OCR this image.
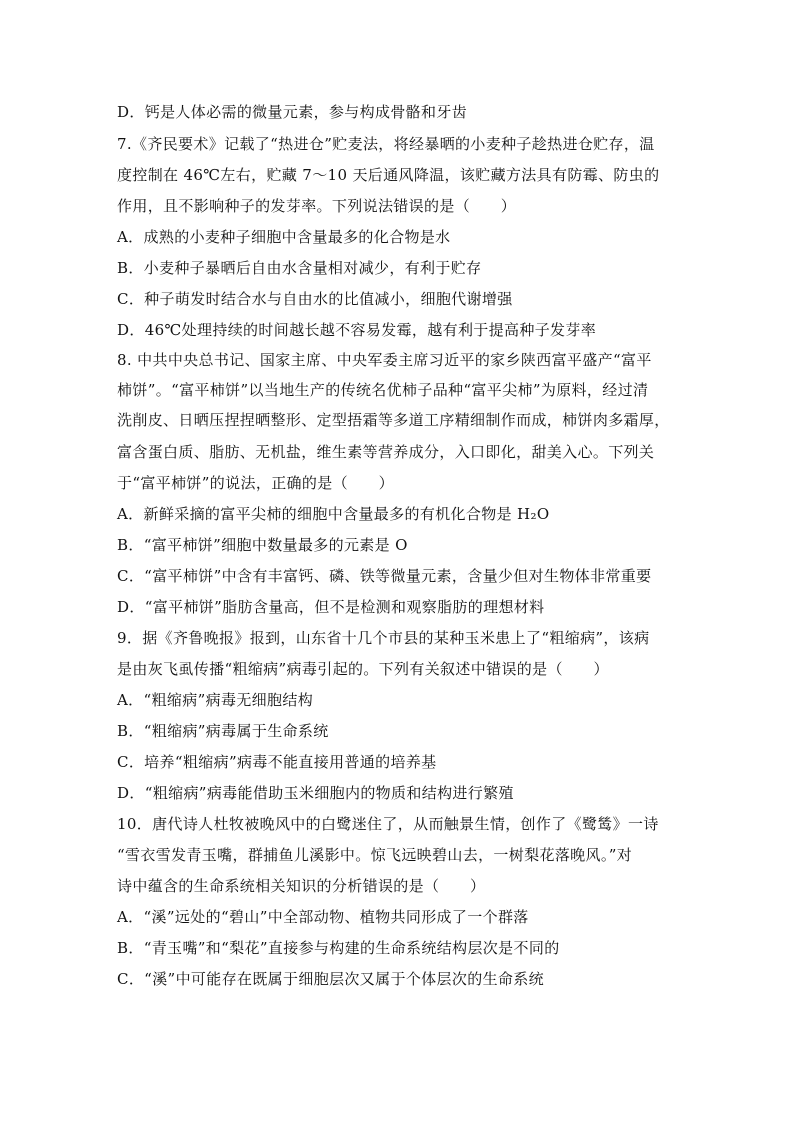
D．钙是人体必需的微量元素，参与构成骨骼和牙齿
7.《齐民要术》记载了“热进仓”贮麦法，将经暴晒的小麦种子趁热进仓贮存，温
度控制在 46℃左右，贮藏 7～10 天后通风降温，该贮藏方法具有防霉、防虫的
作用，且不影响种子的发芽率。下列说法错误的是（　　）
A．成熟的小麦种子细胞中含量最多的化合物是水
B．小麦种子暴晒后自由水含量相对减少，有利于贮存
C．种子萌发时结合水与自由水的比值减小，细胞代谢增强
D．46℃处理持续的时间越长越不容易发霉，越有利于提高种子发芽率
8. 中共中央总书记、国家主席、中央军委主席习近平的家乡陕西富平盛产“富平
柿饼”。“富平柿饼”以当地生产的传统名优柿子品种“富平尖柿”为原料，经过清
洗削皮、日晒压捏捏晒整形、定型捂霜等多道工序精细制作而成，柿饼肉多霜厚，
富含蛋白质、脂肪、无机盐，维生素等营养成分，入口即化，甜美入心。下列关
于“富平柿饼”的说法，正确的是（　　）
A．新鲜采摘的富平尖柿的细胞中含量最多的有机化合物是 H₂O
B．“富平柿饼”细胞中数量最多的元素是 O
C．“富平柿饼”中含有丰富钙、磷、铁等微量元素，含量少但对生物体非常重要
D．“富平柿饼”脂肪含量高，但不是检测和观察脂肪的理想材料
9．据《齐鲁晚报》报到，山东省十几个市县的某种玉米患上了“粗缩病”，该病
是由灰飞虱传播“粗缩病”病毒引起的。下列有关叙述中错误的是（　　）
A．“粗缩病”病毒无细胞结构
B．“粗缩病”病毒属于生命系统
C．培养“粗缩病”病毒不能直接用普通的培养基
D．“粗缩病”病毒能借助玉米细胞内的物质和结构进行繁殖
10．唐代诗人杜牧被晚风中的白鹭迷住了，从而触景生情，创作了《鹭鸶》一诗
“雪衣雪发青玉嘴，群捕鱼儿溪影中。惊飞远映碧山去，一树梨花落晚风。”对
诗中蕴含的生命系统相关知识的分析错误的是（　　）
A．“溪”远处的“碧山”中全部动物、植物共同形成了一个群落
B．“青玉嘴”和“梨花”直接参与构建的生命系统结构层次是不同的
C．“溪”中可能存在既属于细胞层次又属于个体层次的生命系统
